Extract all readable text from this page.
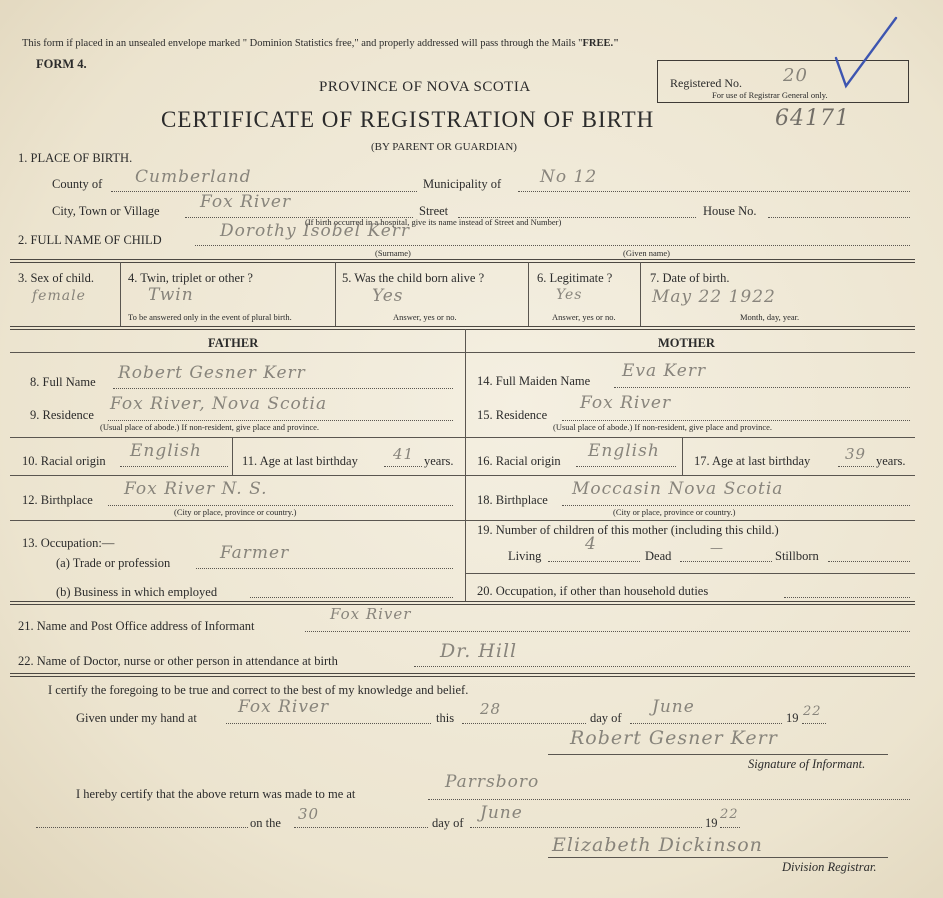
This form if placed in an unsealed envelope marked " Dominion Statistics free," and properly addressed will pass through the Mails "FREE."
FORM 4.
Registered No. 20
For use of Registrar General only.
PROVINCE OF NOVA SCOTIA
CERTIFICATE OF REGISTRATION OF BIRTH	64171
(BY PARENT OR GUARDIAN)
1. PLACE OF BIRTH.
County of Cumberland	Municipality of No 12
City, Town or Village Fox River	Street	House No.
(If birth occurred in a hospital, give its name instead of Street and Number)
2. FULL NAME OF CHILD	Dorothy Isobel Kerr
(Surname)	(Given name)
3. Sex of child.
female
4. Twin, triplet or other ?
Twin
To be answered only in the event of plural birth.
5. Was the child born alive ?
Yes
Answer, yes or no.
6. Legitimate ?
Yes
Answer, yes or no.
7. Date of birth.
May 22 1922
Month, day, year.
FATHER	MOTHER
8. Full Name Robert Gesner Kerr
9. Residence
Fox River, Nova Scotia
(Usual place of abode.) If non-resident, give place and province.
10. Racial origin English	11. Age at last birthday 41 years.
12. Birthplace
Fox River N. S.
(City or place, province or country.)
13. Occupation:—
(a) Trade or profession	Farmer
(b) Business in which employed
14. Full Maiden Name Eva Kerr
15. Residence
Fox River
(Usual place of abode.) If non-resident, give place and province.
16. Racial origin English	17. Age at last birthday 39 years.
18. Birthplace
Moccasin Nova Scotia
(City or place, province or country.)
19. Number of children of this mother (including this child.)
Living
4
Dead	—	Stillborn
20. Occupation, if other than household duties
21. Name and Post Office address of Informant
Fox River
22. Name of Doctor, nurse or other person in attendance at birth	Dr. Hill
I certify the foregoing to be true and correct to the best of my knowledge and belief.
Given under my hand at
Fox River
this 28	day of
June
19 22
Robert Gesner Kerr
Signature of Informant.
I hereby certify that the above return was made to me at
Parrsboro
on the 30	day of June	19
22
Elizabeth Dickinson
Division Registrar.
